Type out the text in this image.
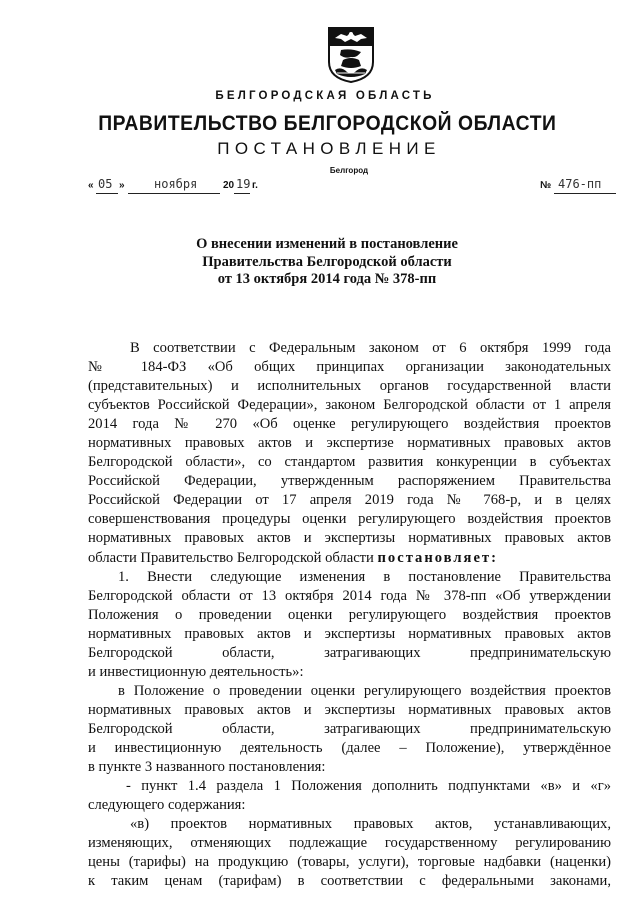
БЕЛГОРОДСКАЯ ОБЛАСТЬ
ПРАВИТЕЛЬСТВО БЕЛГОРОДСКОЙ ОБЛАСТИ
ПОСТАНОВЛЕНИЕ
Белгород
« 05 » ноября	20 19 г.	№ 476-пп
О внесении изменений в постановление
Правительства Белгородской области
от 13 октября 2014 года № 378-пп
В соответствии с Федеральным законом от 6 октября 1999 года
№ 184-ФЗ «Об общих принципах организации законодательных
(представительных) и исполнительных органов государственной власти
субъектов Российской Федерации», законом Белгородской области от 1 апреля
2014 года № 270 «Об оценке регулирующего воздействия проектов
нормативных правовых актов и экспертизе нормативных правовых актов
Белгородской области», со стандартом развития конкуренции в субъектах
Российской Федерации, утвержденным распоряжением Правительства
Российской Федерации от 17 апреля 2019 года № 768-р, и в целях
совершенствования процедуры оценки регулирующего воздействия проектов
нормативных правовых актов и экспертизы нормативных правовых актов
области Правительство Белгородской области постановляет:
1. Внести следующие изменения в постановление Правительства
Белгородской области от 13 октября 2014 года № 378-пп «Об утверждении
Положения о проведении оценки регулирующего воздействия проектов
нормативных правовых актов и экспертизы нормативных правовых актов
Белгородской области, затрагивающих предпринимательскую
и инвестиционную деятельность»:
в Положение о проведении оценки регулирующего воздействия проектов
нормативных правовых актов и экспертизы нормативных правовых актов
Белгородской области, затрагивающих предпринимательскую
и инвестиционную деятельность (далее – Положение), утверждённое
в пункте 3 названного постановления:
- пункт 1.4 раздела 1 Положения дополнить подпунктами «в» и «г»
следующего содержания:
«в) проектов нормативных правовых актов, устанавливающих,
изменяющих, отменяющих подлежащие государственному регулированию
цены (тарифы) на продукцию (товары, услуги), торговые надбавки (наценки)
к таким ценам (тарифам) в соответствии с федеральными законами,
